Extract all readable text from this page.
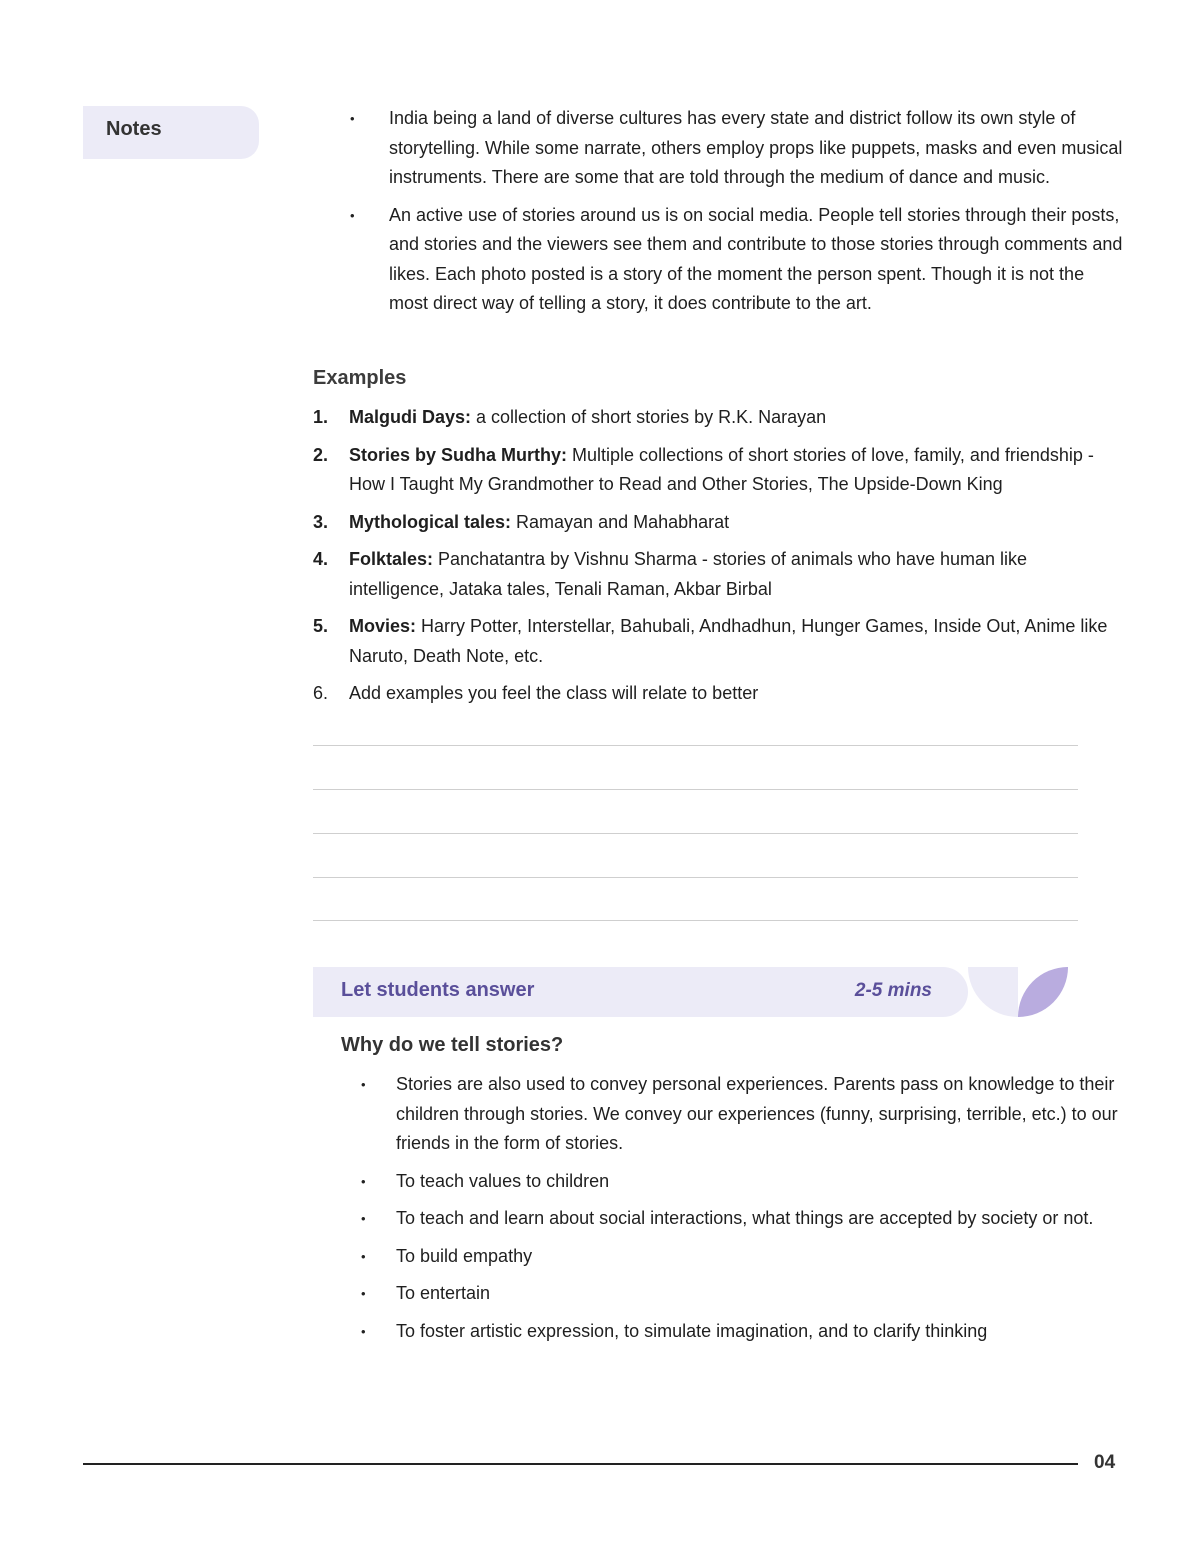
Notes
•	India being a land of diverse cultures has every state and district follow its own style of storytelling. While some narrate, others employ props like puppets, masks and even musical instruments. There are some that are told through the medium of dance and music.
• An active use of stories around us is on social media. People tell stories through their posts, and stories and the viewers see them and contribute to those stories through comments and likes. Each photo posted is a story of the moment the person spent. Though it is not the most direct way of telling a story, it does contribute to the art.
Examples
1. Malgudi Days: a collection of short stories by R.K. Narayan
2. Stories by Sudha Murthy: Multiple collections of short stories of love, family, and friendship - How I Taught My Grandmother to Read and Other Stories, The Upside-Down King
3. Mythological tales: Ramayan and Mahabharat
4. Folktales: Panchatantra by Vishnu Sharma - stories of animals who have human like intelligence, Jataka tales, Tenali Raman, Akbar Birbal
5. Movies: Harry Potter, Interstellar, Bahubali, Andhadhun, Hunger Games, Inside Out, Anime like Naruto, Death Note, etc.
6. Add examples you feel the class will relate to better
Let students answer	2-5 mins
Why do we tell stories?
• Stories are also used to convey personal experiences. Parents pass on knowledge to their children through stories. We convey our experiences (funny, surprising, terrible, etc.) to our friends in the form of stories.
• To teach values to children
• To teach and learn about social interactions, what things are accepted by society or not.
• To build empathy
• To entertain
• To foster artistic expression, to simulate imagination, and to clarify thinking
04
